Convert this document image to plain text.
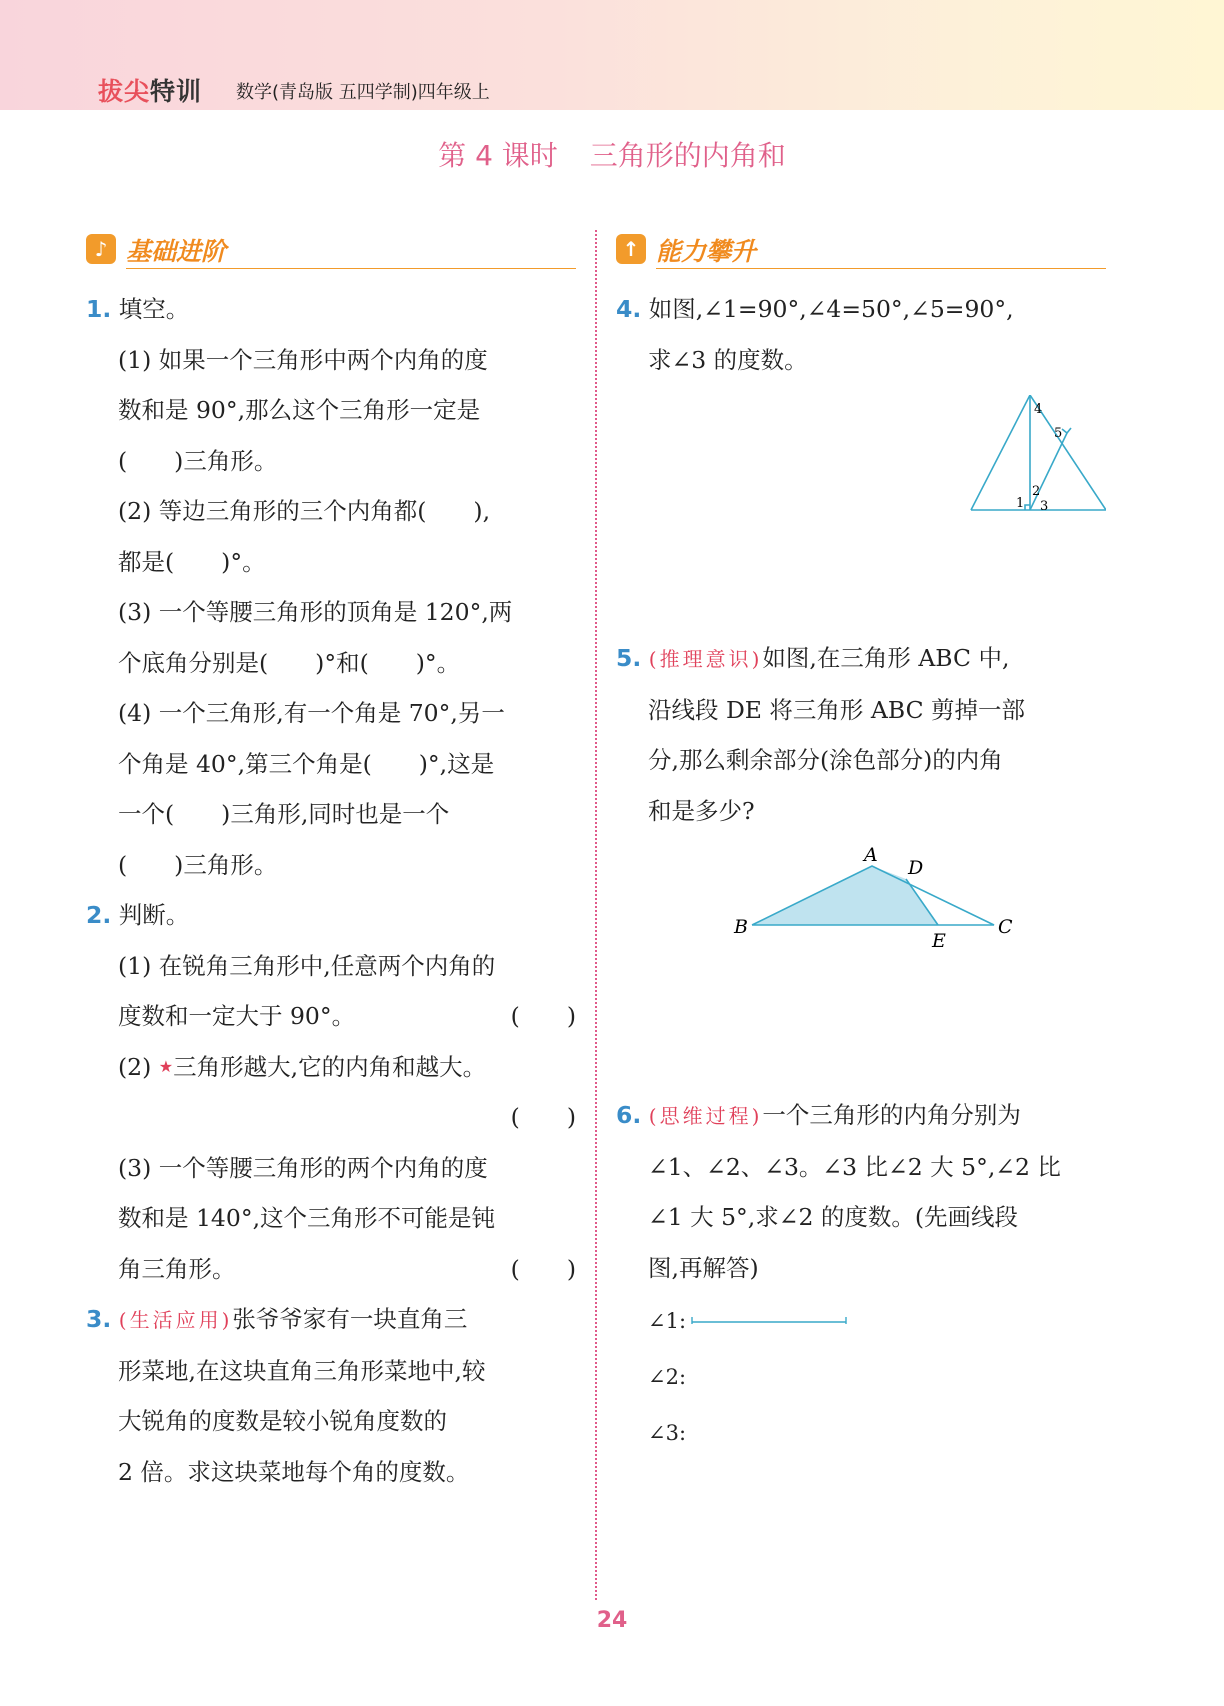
拔尖特训 数学(青岛版 五四学制)四年级上
第 4 课时 三角形的内角和
♪ 基础进阶
1. 填空。
(1) 如果一个三角形中两个内角的度
数和是 90°,那么这个三角形一定是
(　　)三角形。
(2) 等边三角形的三个内角都(　　),
都是(　　)°。
(3) 一个等腰三角形的顶角是 120°,两
个底角分别是(　　)°和(　　)°。
(4) 一个三角形,有一个角是 70°,另一
个角是 40°,第三个角是(　　)°,这是
一个(　　)三角形,同时也是一个
(　　)三角形。
2. 判断。
(1) 在锐角三角形中,任意两个内角的
度数和一定大于 90°。	(　　)
(2) ★三角形越大,它的内角和越大。
(　　)
(3) 一个等腰三角形的两个内角的度
数和是 140°,这个三角形不可能是钝
角三角形。	(　　)
3. (生活应用)张爷爷家有一块直角三
形菜地,在这块直角三角形菜地中,较
大锐角的度数是较小锐角度数的
2 倍。求这块菜地每个角的度数。
↑ 能力攀升
4. 如图,∠1=90°,∠4=50°,∠5=90°,
求∠3 的度数。
4
5
2
1 3
5. (推理意识)如图,在三角形 ABC 中,
沿线段 DE 将三角形 ABC 剪掉一部
分,那么剩余部分(涂色部分)的内角
和是多少?
A
D
B	C
E
6. (思维过程)一个三角形的内角分别为
∠1、∠2、∠3。∠3 比∠2 大 5°,∠2 比
∠1 大 5°,求∠2 的度数。(先画线段
图,再解答)
∠1:
∠2:
∠3:
24
